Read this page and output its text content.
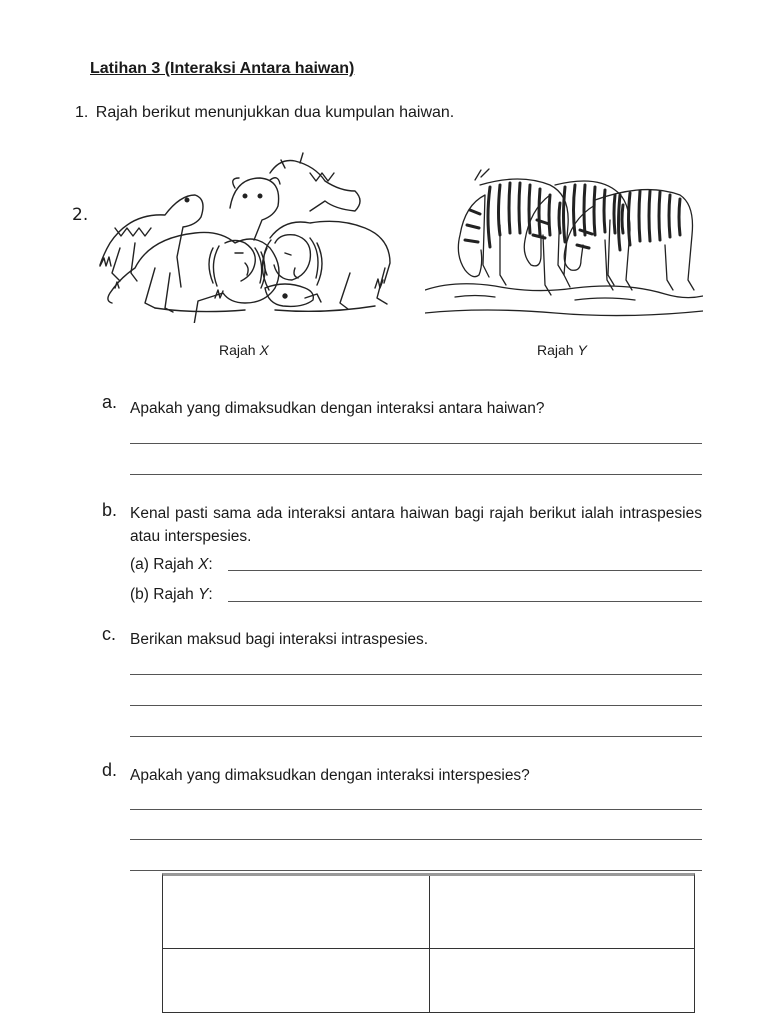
Latihan 3 (Interaksi Antara haiwan)
1. Rajah berikut menunjukkan dua kumpulan haiwan.
2.
Rajah X	Rajah Y
a. Apakah yang dimaksudkan dengan interaksi antara haiwan?
b. Kenal pasti sama ada interaksi antara haiwan bagi rajah berikut ialah intraspesies atau interspesies.
(a) Rajah X:
(b) Rajah Y:
c. Berikan maksud bagi interaksi intraspesies.
d. Apakah yang dimaksudkan dengan interaksi interspesies?
